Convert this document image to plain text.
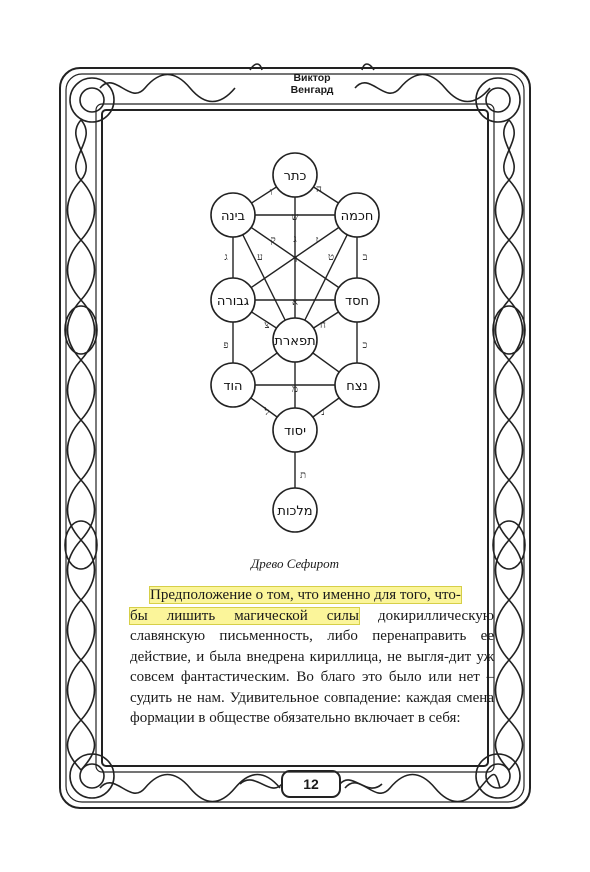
Виктор
Венгард
ו	ה
ש
ק	ז
ג
ע	ט
ד
ג	ב
א
צ	ח
פ	כ
מ
ל	נ
ת
כתר
בינה	חכמה
גבורה	חסד
תפארת
הוד	נצח
יסוד
מלכות
Древо Сефирот
Предположение о том, что именно для того, что-
бы лишить магической силы докириллическую славянскую письменность, либо перенаправить ее действие, и была внедрена кириллица, не выгля-дит уж совсем фантастическим. Во благо это было или нет – судить не нам. Удивительное совпадение: каждая смена формации в обществе обязательно включает в себя:
12
